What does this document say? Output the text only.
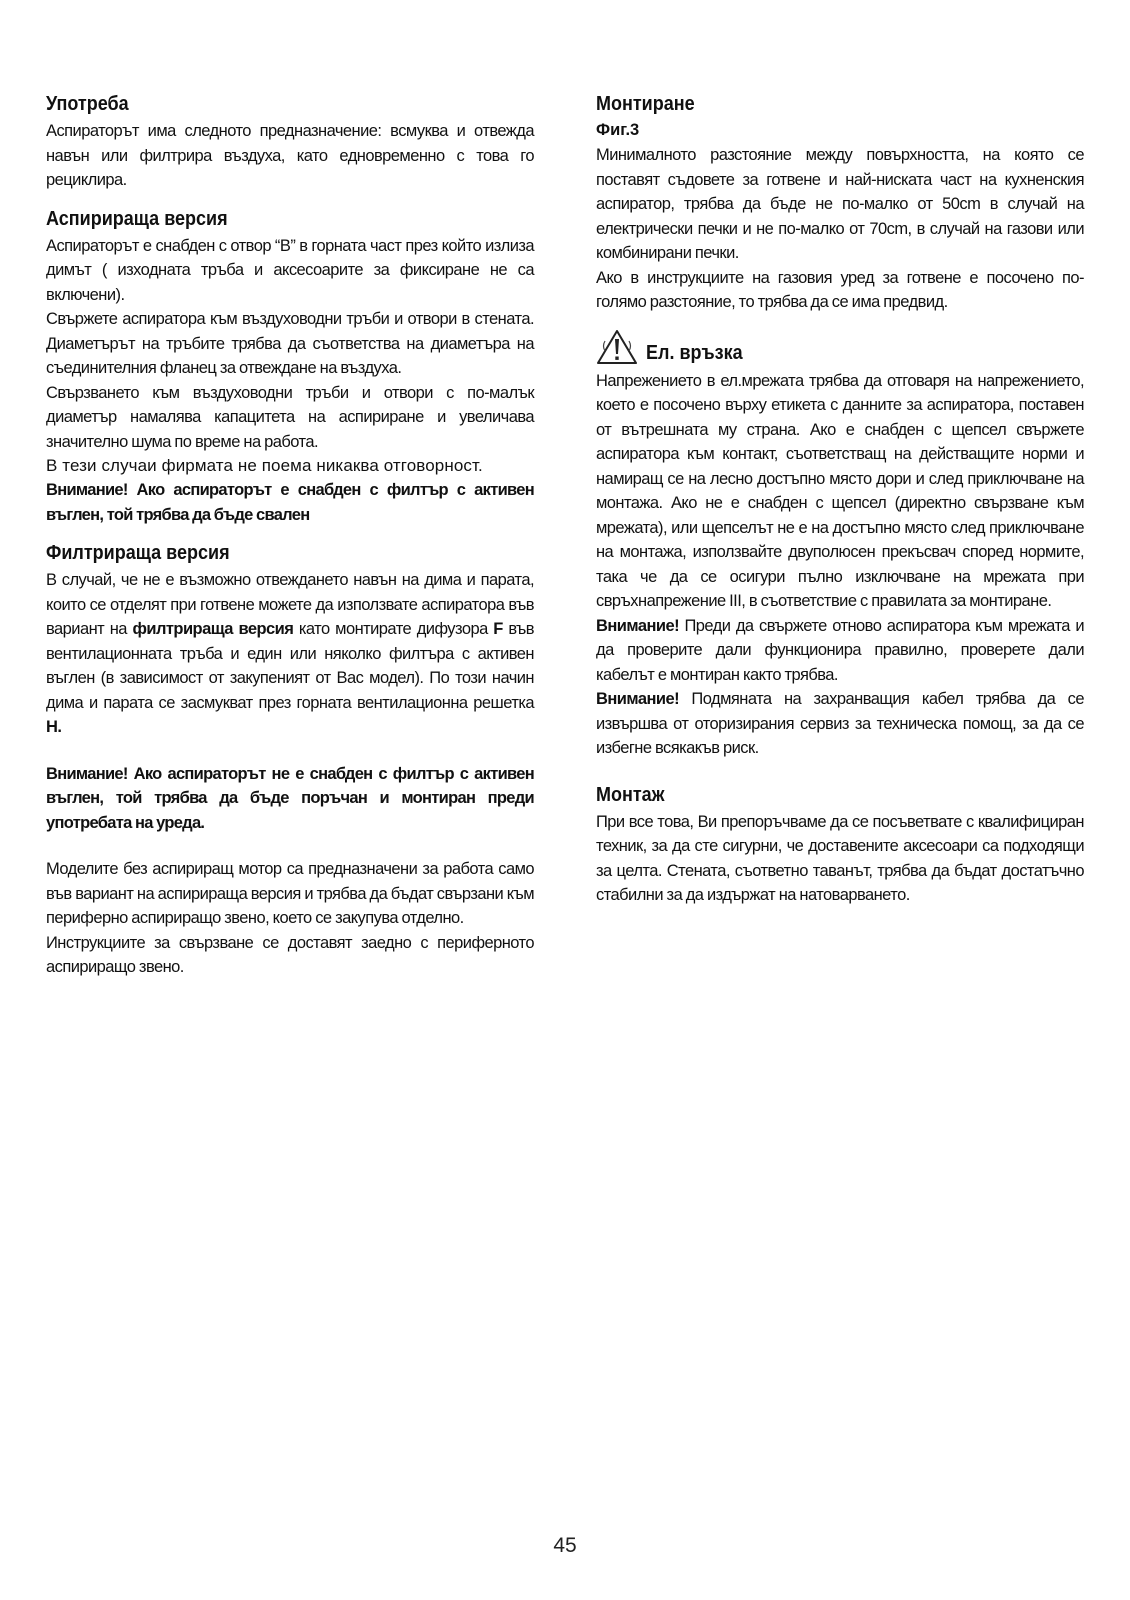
Употреба

Аспираторът има следното предназначение: всмуква и отвежда навън или филтрира въздуха, като едновременно с това го рециклира.

Аспирираща версия

Аспираторът е снабден с отвор “B” в горната част през който излиза димът ( изходната тръба и аксесоарите за фиксиране не са включени).

Свържете аспиратора към въздуховодни тръби и отвори в стената. Диаметърът на тръбите трябва да съответства на диаметъра на съединителния фланец за отвеждане на въздуха.

Свързването към въздуховодни тръби и отвори с по-малък диаметър намалява капацитета на аспириране и увеличава значително шума по време на работа.

В тези случаи фирмата не поема никаква отговорност.

Внимание! Ако аспираторът е снабден с филтър с активен въглен, той трябва да бъде свален

Филтрираща версия

В случай, че не е възможно отвеждането навън на дима и парата, които се отделят при готвене можете да използвате аспиратора във вариант на филтрираща версия като монтирате дифузора F във вентилационната тръба и един или няколко филтъра с активен въглен (в зависимост от закупеният от Вас модел). По този начин дима и парата се засмукват през горната вентилационна решетка H.

Внимание! Ако аспираторът не е снабден с филтър с активен въглен, той трябва да бъде поръчан и монтиран преди употребата на уреда.

Моделите без аспириращ мотор са предназначени за работа само във вариант на аспирираща версия и трябва да бъдат свързани към периферно аспириращо звено, което се закупува отделно.

Инструкциите за свързване се доставят заедно с периферното аспириращо звено.

Монтиране

Фиг.3

Минималното разстояние между повърхността, на която се поставят съдовете за готвене и най-ниската част на кухненския аспиратор, трябва да бъде не по-малко от 50cm в случай на електрически печки и не по-малко от 70cm, в случай на газови или комбинирани печки.

Ако в инструкциите на газовия уред за готвене е посочено по-голямо разстояние, то трябва да се има предвид.

Ел. връзка

Напрежението в ел.мрежата трябва да отговаря на напрежението, което е посочено върху етикета с данните за аспиратора, поставен от вътрешната му страна. Ако е снабден с щепсел свържете аспиратора към контакт, съответстващ на действащите норми и намиращ се на лесно достъпно място дори и след приключване на монтажа. Ако не е снабден с щепсел (директно свързване към мрежата), или щепселът не е на достъпно място след приключване на монтажа, използвайте двуполюсен прекъсвач според нормите, така че да се осигури пълно изключване на мрежата при свръхнапрежение III, в съответствие с правилата за монтиране.

Внимание! Преди да свържете отново аспиратора към мрежата и да проверите дали функционира правилно, проверете дали кабелът е монтиран както трябва.

Внимание! Подмяната на захранващия кабел трябва да се извършва от оторизирания сервиз за техническа помощ, за да се избегне всякакъв риск.

Монтаж

При все това, Ви препоръчваме да се посъветвате с квалифициран техник, за да сте сигурни, че доставените аксесоари са подходящи за целта. Стената, съответно таванът, трябва да бъдат достатъчно стабилни за да издържат на натоварването.

45
